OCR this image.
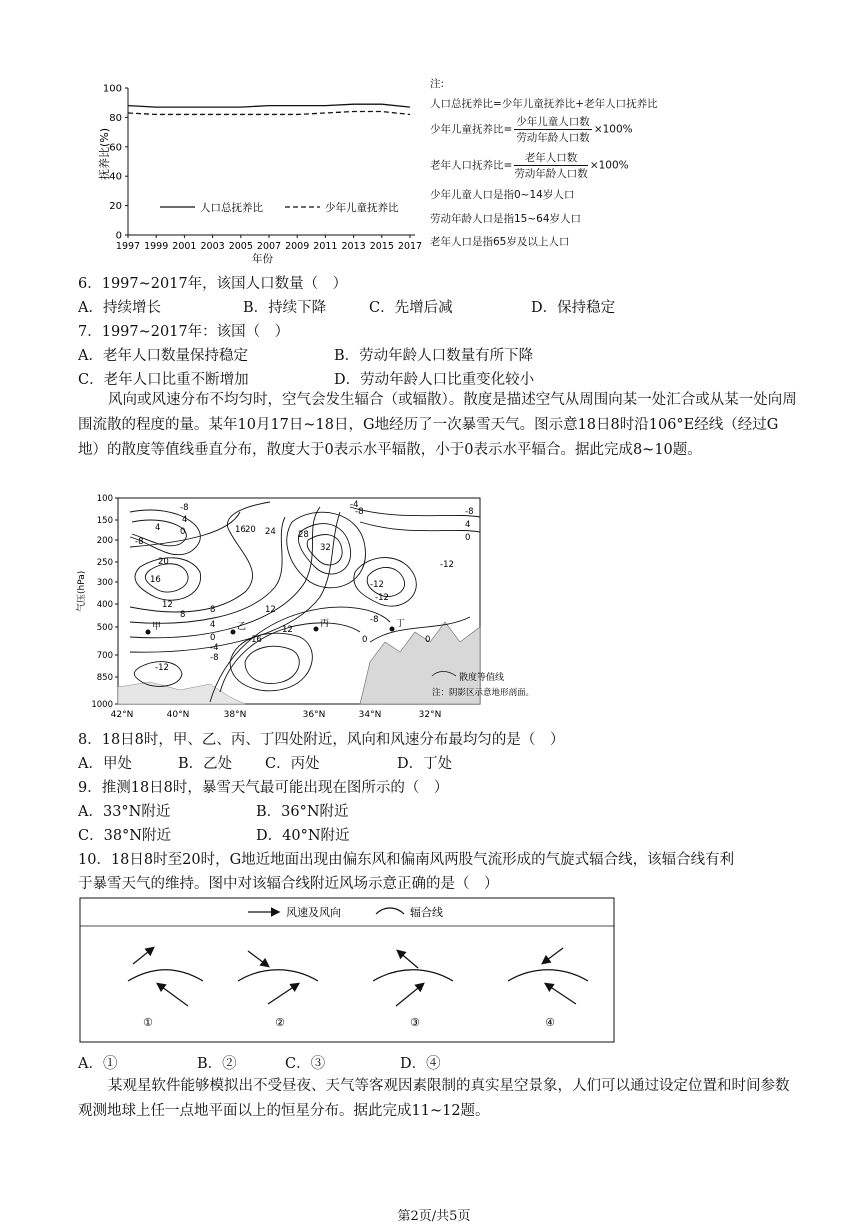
100
80
60
40
20
0
1997 1999 2001 2003 2005 2007 2009 2011 2013 2015 2017
人口总抚养比	少年儿童抚养比
抚养比(%)
年份
注:
人口总抚养比=少年儿童抚养比+老年人口抚养比
少年儿童抚养比= $\frac{\text{少年儿童人口数}}{\text{劳动年龄人口数}} \times 100\%$
老年人口抚养比= $\frac{\text{老年人口数}}{\text{劳动年龄人口数}} \times 100\%$
少年儿童人口是指0~14岁人口
劳动年龄人口是指15~64岁人口
老年人口是指65岁及以上人口
6．1997~2017年，该国人口数量（　）
A．持续增长	B．持续下降	C．先增后减	D．保持稳定
7．1997~2017年：该国（　）
A．老年人口数量保持稳定	B．劳动年龄人口数量有所下降
C．老年人口比重不断增加	D．劳动年龄人口比重变化较小
风向或风速分布不均匀时，空气会发生辐合（或辐散）。散度是描述空气从周围向某一处汇合或从某一处向周围流散的程度的量。某年10月17日~18日，G地经历了一次暴雪天气。图示意18日8时沿106°E经线（经过G地）的散度等值线垂直分布，散度大于0表示水平辐散，小于0表示水平辐合。据此完成8~10题。
100
150
200
250
300
400
500
700
850
1000
42°N	40°N	38°N	36°N	34°N	32°N
气压(hPa)
-8
4
0
4
-8
16 20 24	28
32
-8
-4
-12
20
16
12	12
8
8
-12
4
0
-4
-8
-16
-12
12
-8
0	0
-12
-8
4
0
甲	乙	丙	丁
散度等值线
注：阴影区示意地形剖面。
8．18日8时，甲、乙、丙、丁四处附近，风向和风速分布最均匀的是（　）
A．甲处	B．乙处 C．丙处	D．丁处
9．推测18日8时，暴雪天气最可能出现在图所示的（　）
A．33°N附近	B．36°N附近
C．38°N附近	D．40°N附近
10．18日8时至20时，G地近地面出现由偏东风和偏南风两股气流形成的气旋式辐合线，该辐合线有利
于暴雪天气的维持。图中对该辐合线附近风场示意正确的是（　）
风速及风向	辐合线
①	②	③	④
A．①	B．②	C．③	D．④
某观星软件能够模拟出不受昼夜、天气等客观因素限制的真实星空景象，人们可以通过设定位置和时间参数观测地球上任一点地平面以上的恒星分布。据此完成11~12题。
第2页/共5页
